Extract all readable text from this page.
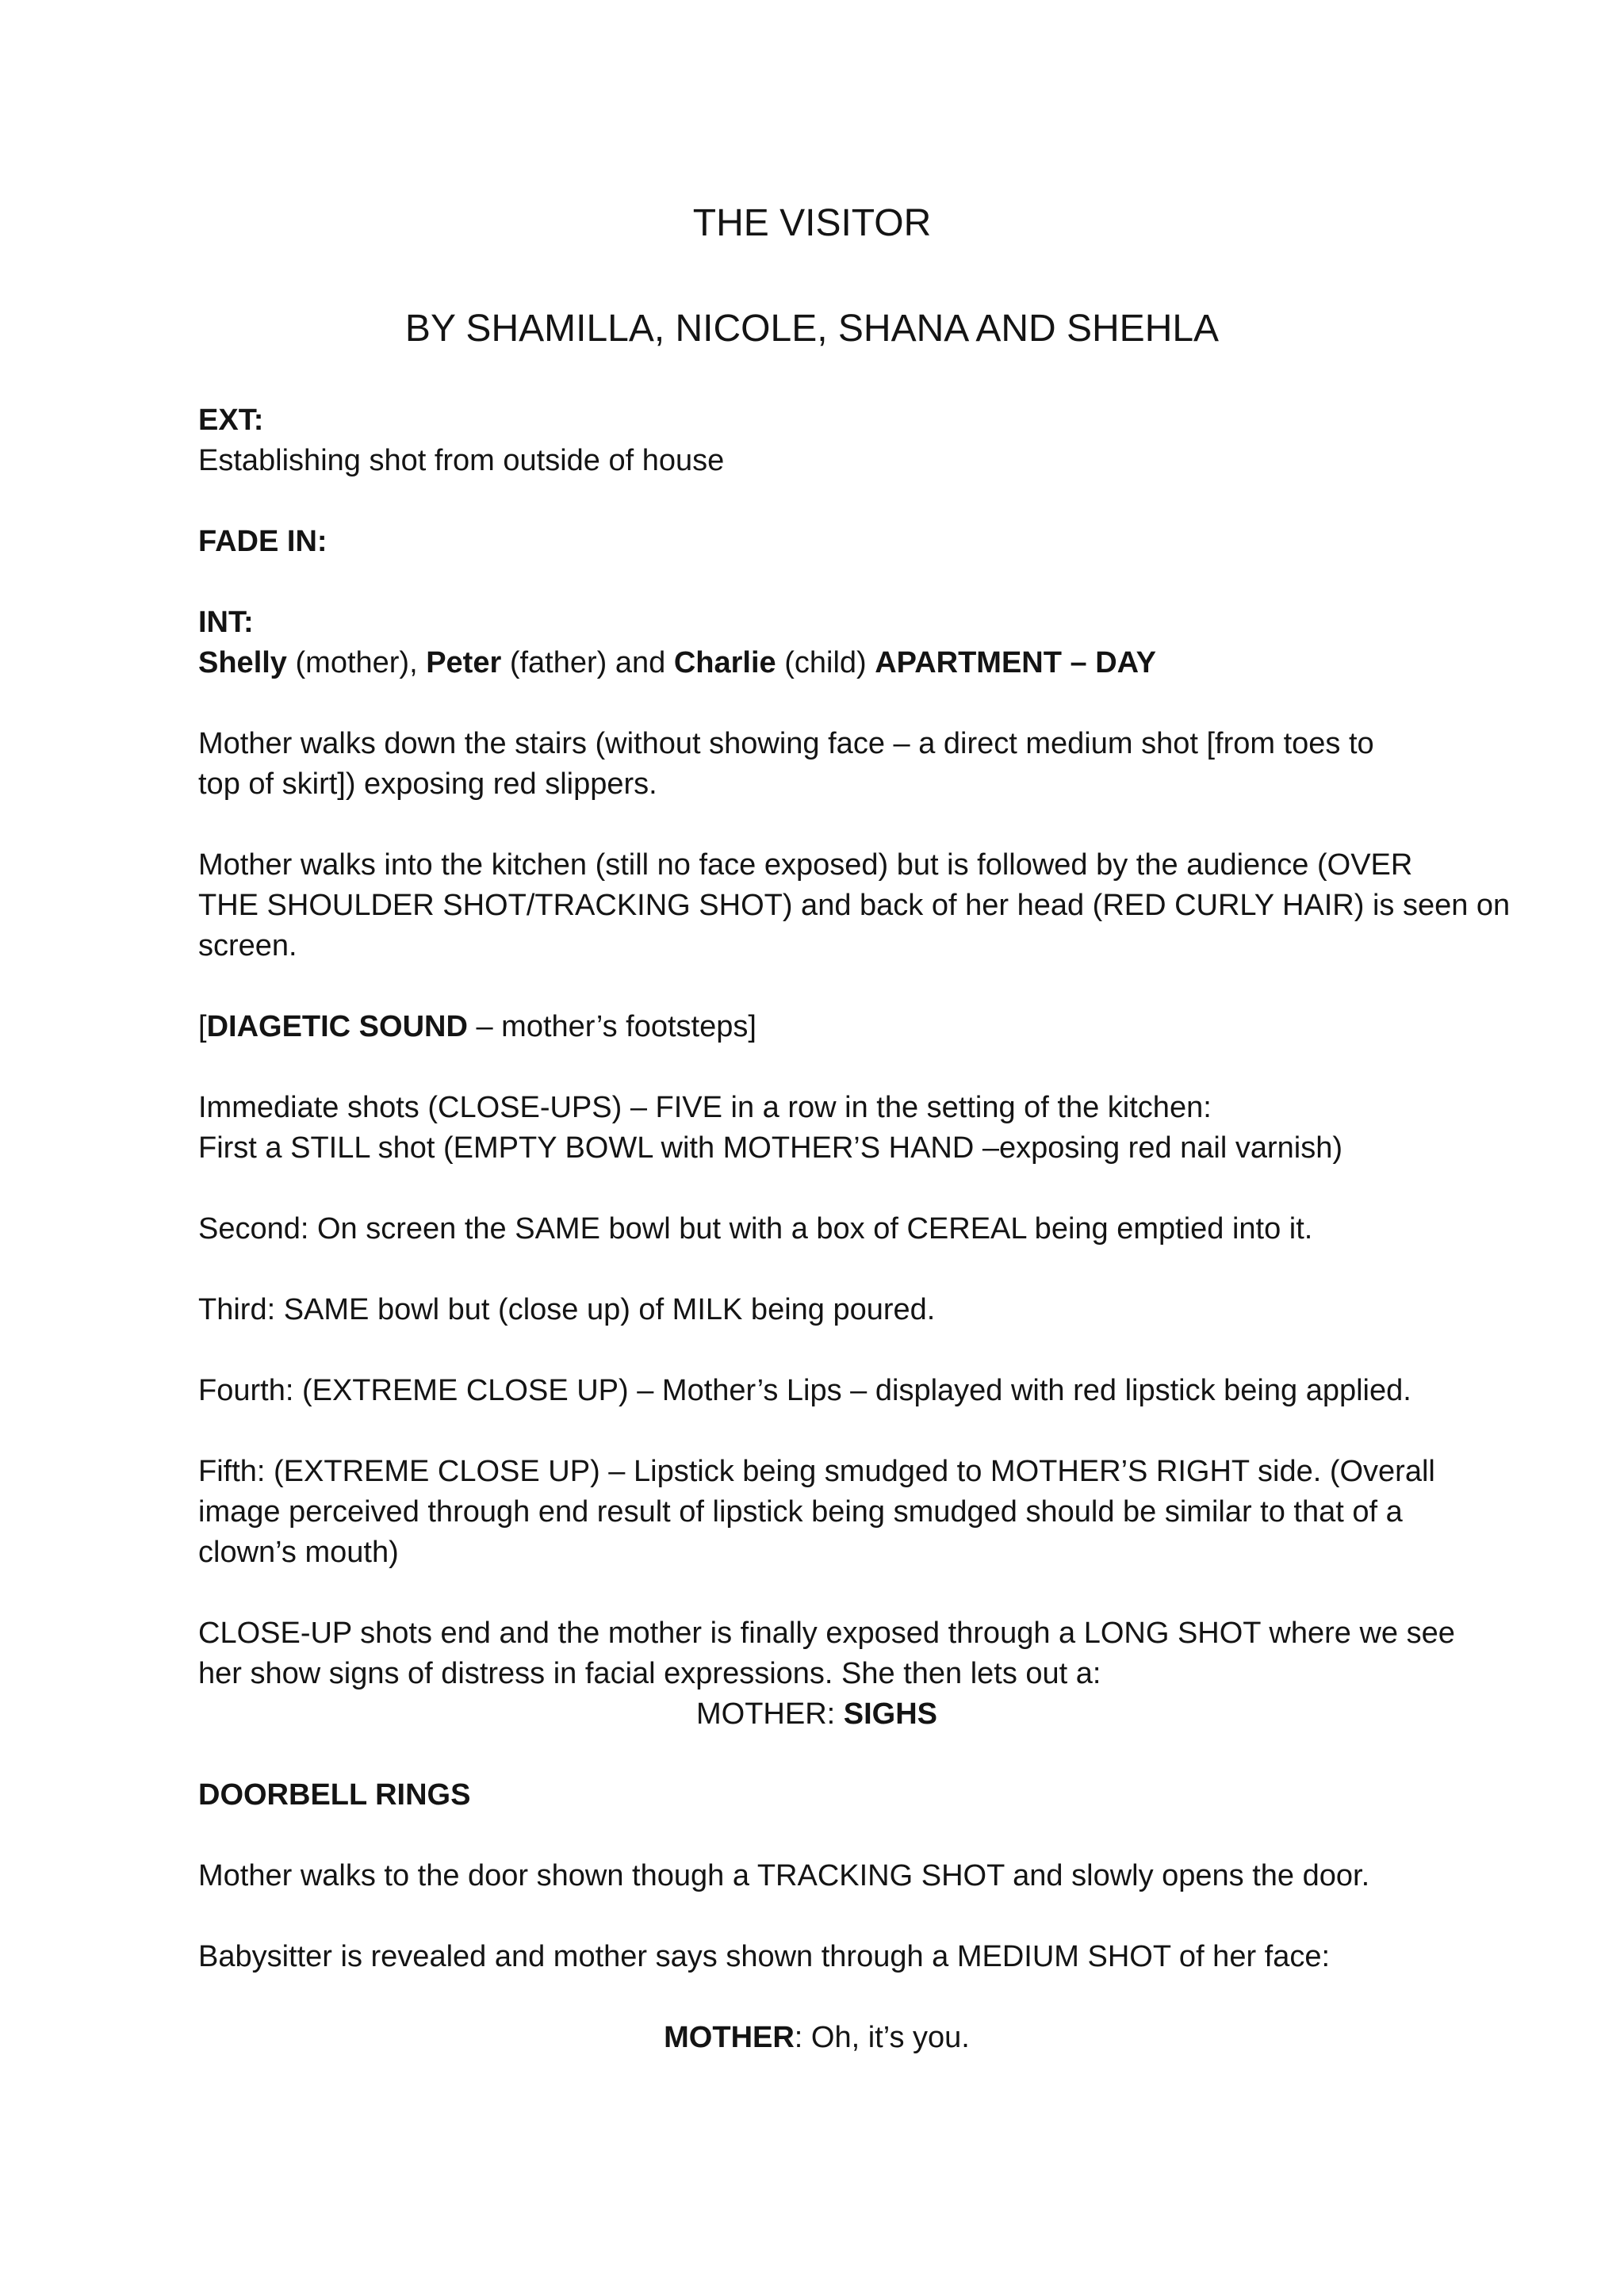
THE VISITOR
BY SHAMILLA, NICOLE, SHANA AND SHEHLA

EXT:
Establishing shot from outside of house

FADE IN:

INT:
Shelly (mother), Peter (father) and Charlie (child) APARTMENT – DAY

Mother walks down the stairs (without showing face – a direct medium shot [from toes to
top of skirt]) exposing red slippers.

Mother walks into the kitchen (still no face exposed) but is followed by the audience (OVER
THE SHOULDER SHOT/TRACKING SHOT) and back of her head (RED CURLY HAIR) is seen on
screen.

[DIAGETIC SOUND – mother’s footsteps]

Immediate shots (CLOSE-UPS) – FIVE in a row in the setting of the kitchen:
First a STILL shot (EMPTY BOWL with MOTHER’S HAND –exposing red nail varnish)

Second: On screen the SAME bowl but with a box of CEREAL being emptied into it.

Third: SAME bowl but (close up) of MILK being poured.

Fourth: (EXTREME CLOSE UP) – Mother’s Lips – displayed with red lipstick being applied.

Fifth: (EXTREME CLOSE UP) – Lipstick being smudged to MOTHER’S RIGHT side. (Overall
image perceived through end result of lipstick being smudged should be similar to that of a
clown’s mouth)

CLOSE-UP shots end and the mother is finally exposed through a LONG SHOT where we see
her show signs of distress in facial expressions. She then lets out a:

MOTHER: SIGHS

DOORBELL RINGS

Mother walks to the door shown though a TRACKING SHOT and slowly opens the door.

Babysitter is revealed and mother says shown through a MEDIUM SHOT of her face:

MOTHER: Oh, it’s you.
